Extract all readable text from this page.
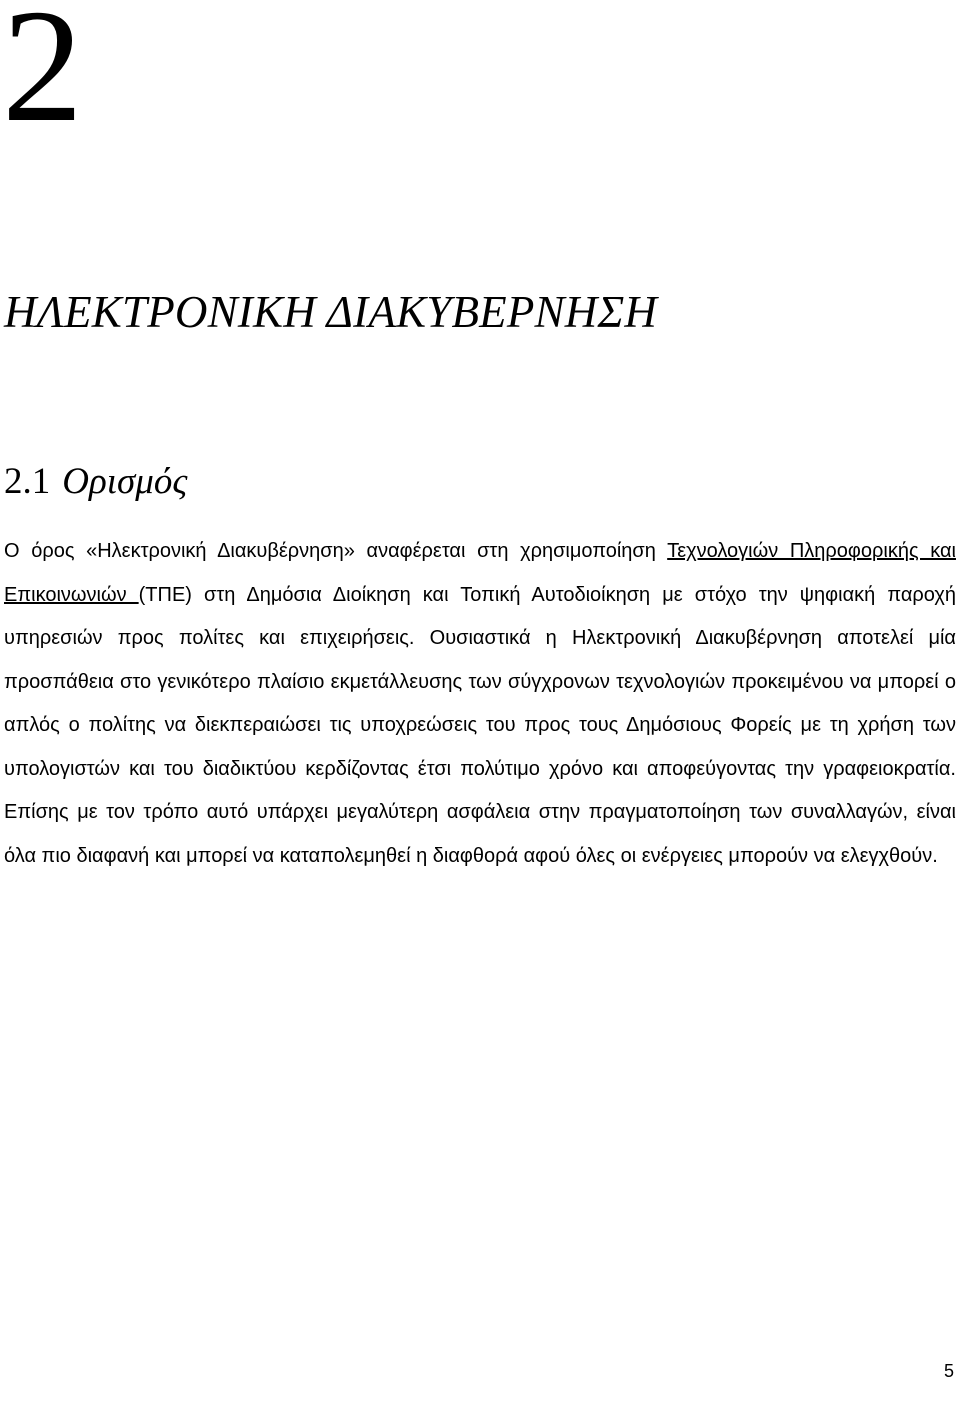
2
ΗΛΕΚΤΡΟΝΙΚΗ ΔΙΑΚΥΒΕΡΝΗΣΗ
2.1 Ορισμός

Ο όρος «Ηλεκτρονική Διακυβέρνηση» αναφέρεται στη χρησιμοποίηση Τεχνολογιών Πληροφορικής και Επικοινωνιών (ΤΠΕ) στη Δημόσια Διοίκηση και Τοπική Αυτοδιοίκηση με στόχο την ψηφιακή παροχή υπηρεσιών προς πολίτες και επιχειρήσεις. Ουσιαστικά η Ηλεκτρονική Διακυβέρνηση αποτελεί μία προσπάθεια στο γενικότερο πλαίσιο εκμετάλλευσης των σύγχρονων τεχνολογιών προκειμένου να μπορεί ο απλός ο πολίτης να διεκπεραιώσει τις υποχρεώσεις του προς τους Δημόσιους Φορείς με τη χρήση των υπολογιστών και του διαδικτύου κερδίζοντας έτσι πολύτιμο χρόνο και αποφεύγοντας την γραφειοκρατία. Επίσης με τον τρόπο αυτό υπάρχει μεγαλύτερη ασφάλεια στην πραγματοποίηση των συναλλαγών, είναι όλα πιο διαφανή και μπορεί να καταπολεμηθεί η διαφθορά αφού όλες οι ενέργειες μπορούν να ελεγχθούν.

5
